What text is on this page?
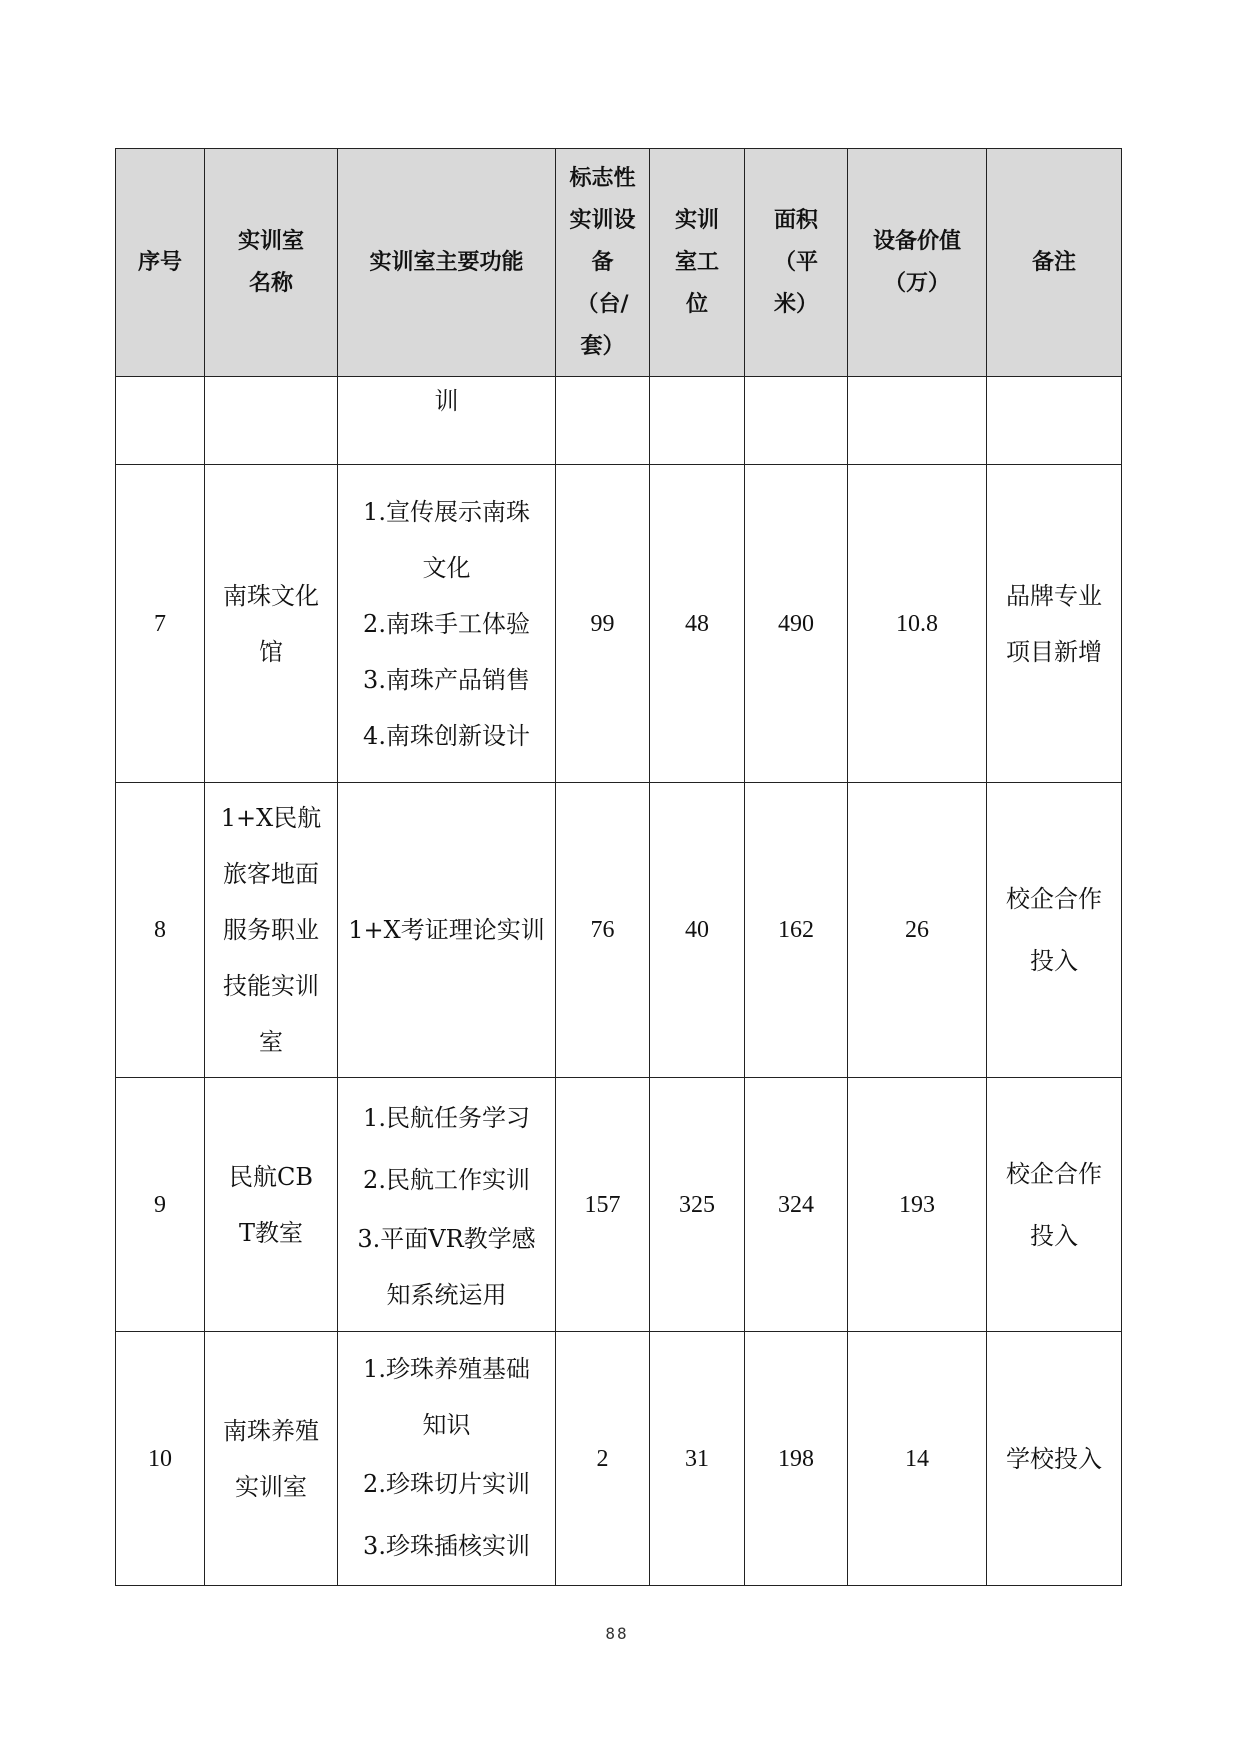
序号	实训室名称	实训室主要功能	标志性实训设备（台/套）	实训室工位	面积（平米）	设备价值（万）	备注
		训					
7	南珠文化馆	1.宣传展示南珠文化
2.南珠手工体验
3.南珠产品销售
4.南珠创新设计	99	48	490	10.8	品牌专业项目新增
8	1+X民航旅客地面服务职业技能实训室	1+X考证理论实训	76	40	162	26	校企合作投入
9	民航CBT教室	1.民航任务学习
2.民航工作实训
3.平面VR教学感知系统运用	157	325	324	193	校企合作投入
10	南珠养殖实训室	1.珍珠养殖基础知识
2.珍珠切片实训
3.珍珠插核实训	2	31	198	14	学校投入
88
